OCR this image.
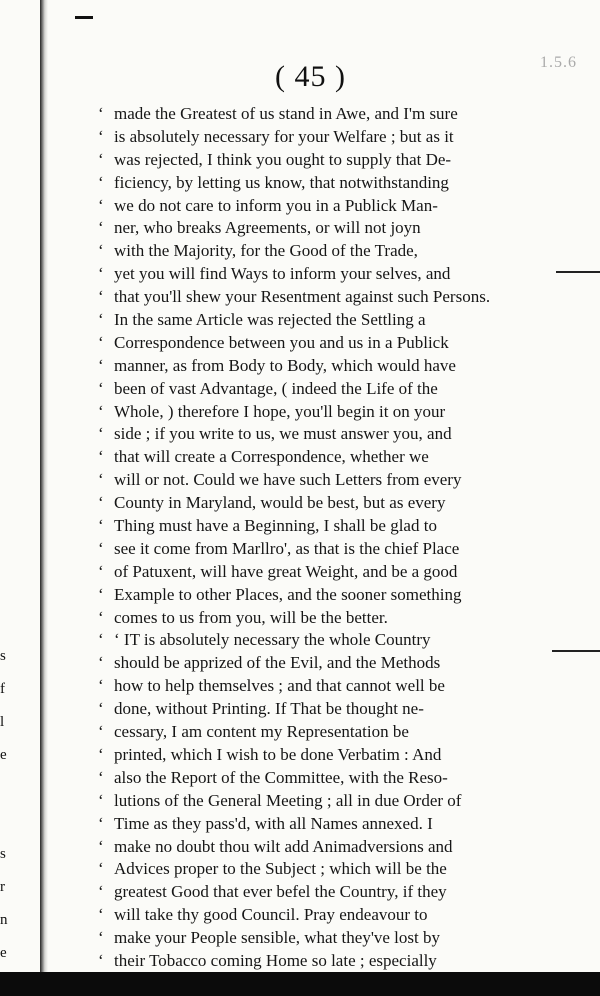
( 45 )	1.5.6
s
f
l
e
s
r
n
e
‘ made the Greatest of us stand in Awe, and I'm sure
‘ is absolutely necessary for your Welfare ; but as it
‘ was rejected, I think you ought to supply that De-
‘ ficiency, by letting us know, that notwithstanding
‘ we do not care to inform you in a Publick Man-
‘ ner, who breaks Agreements, or will not joyn
‘ with the Majority, for the Good of the Trade,
‘ yet you will find Ways to inform your selves, and
‘ that you'll shew your Resentment against such Persons.
‘ In the same Article was rejected the Settling a
‘ Correspondence between you and us in a Publick
‘ manner, as from Body to Body, which would have
‘ been of vast Advantage, ( indeed the Life of the
‘ Whole, ) therefore I hope, you'll begin it on your
‘ side ; if you write to us, we must answer you, and
‘ that will create a Correspondence, whether we
‘ will or not. Could we have such Letters from every
‘ County in Maryland, would be best, but as every
‘ Thing must have a Beginning, I shall be glad to
‘ see it come from Marllro', as that is the chief Place
‘ of Patuxent, will have great Weight, and be a good
‘ Example to other Places, and the sooner something
‘ comes to us from you, will be the better.
‘ ‘ IT is absolutely necessary the whole Country
‘ should be apprized of the Evil, and the Methods
‘ how to help themselves ; and that cannot well be
‘ done, without Printing. If That be thought ne-
‘ cessary, I am content my Representation be
‘ printed, which I wish to be done Verbatim : And
‘ also the Report of the Committee, with the Reso-
‘ lutions of the General Meeting ; all in due Order of
‘ Time as they pass'd, with all Names annexed. I
‘ make no doubt thou wilt add Animadversions and
‘ Advices proper to the Subject ; which will be the
‘ greatest Good that ever befel the Country, if they
‘ will take thy good Council. Pray endeavour to
‘ make your People sensible, what they've lost by
‘ their Tobacco coming Home so late ; especially
